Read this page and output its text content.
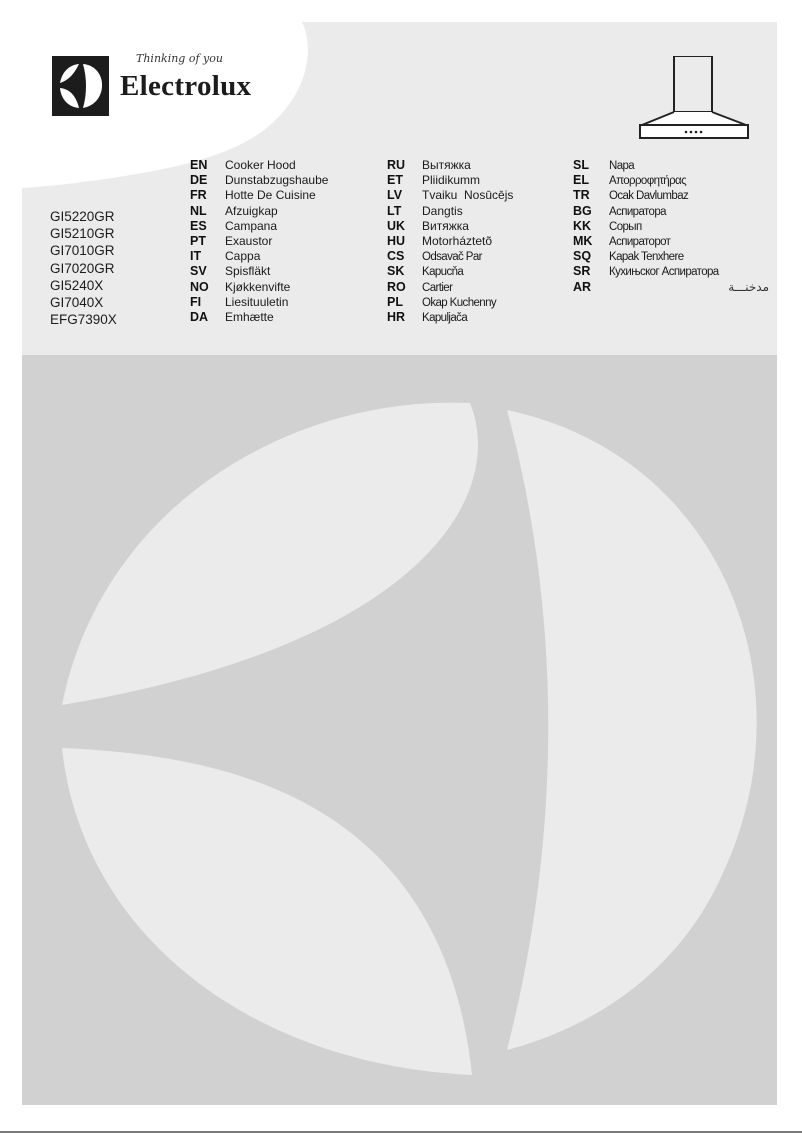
Thinking of you
Electrolux
GI5220GR
GI5210GR
GI7010GR
GI7020GR
GI5240X
GI7040X
EFG7390X
EN Cooker Hood
DE Dunstabzugshaube
FR Hotte De Cuisine
NL Afzuigkap
ES Campana
PT Exaustor
IT Cappa
SV Spisfläkt
NO Kjøkkenvifte
FI Liesituuletin
DA Emhætte
RU Вытяжка
ET Pliidikumm
LV Tvaiku  Nosūcējs
LT Dangtis
UK Витяжка
HU Motorháztetõ
CS Odsavač Par
SK Kapucňa
RO Cartier
PL Okap Kuchenny
HR Kapuljača
SL Napa
EL Απορροφητήρας
TR Ocak Davlumbaz
BG Аспиратора
KK Сорып
MK Аспираторот
SQ Kapak Tenxhere
SR Кухињског Аспиратора
AR	مدخنـــة
